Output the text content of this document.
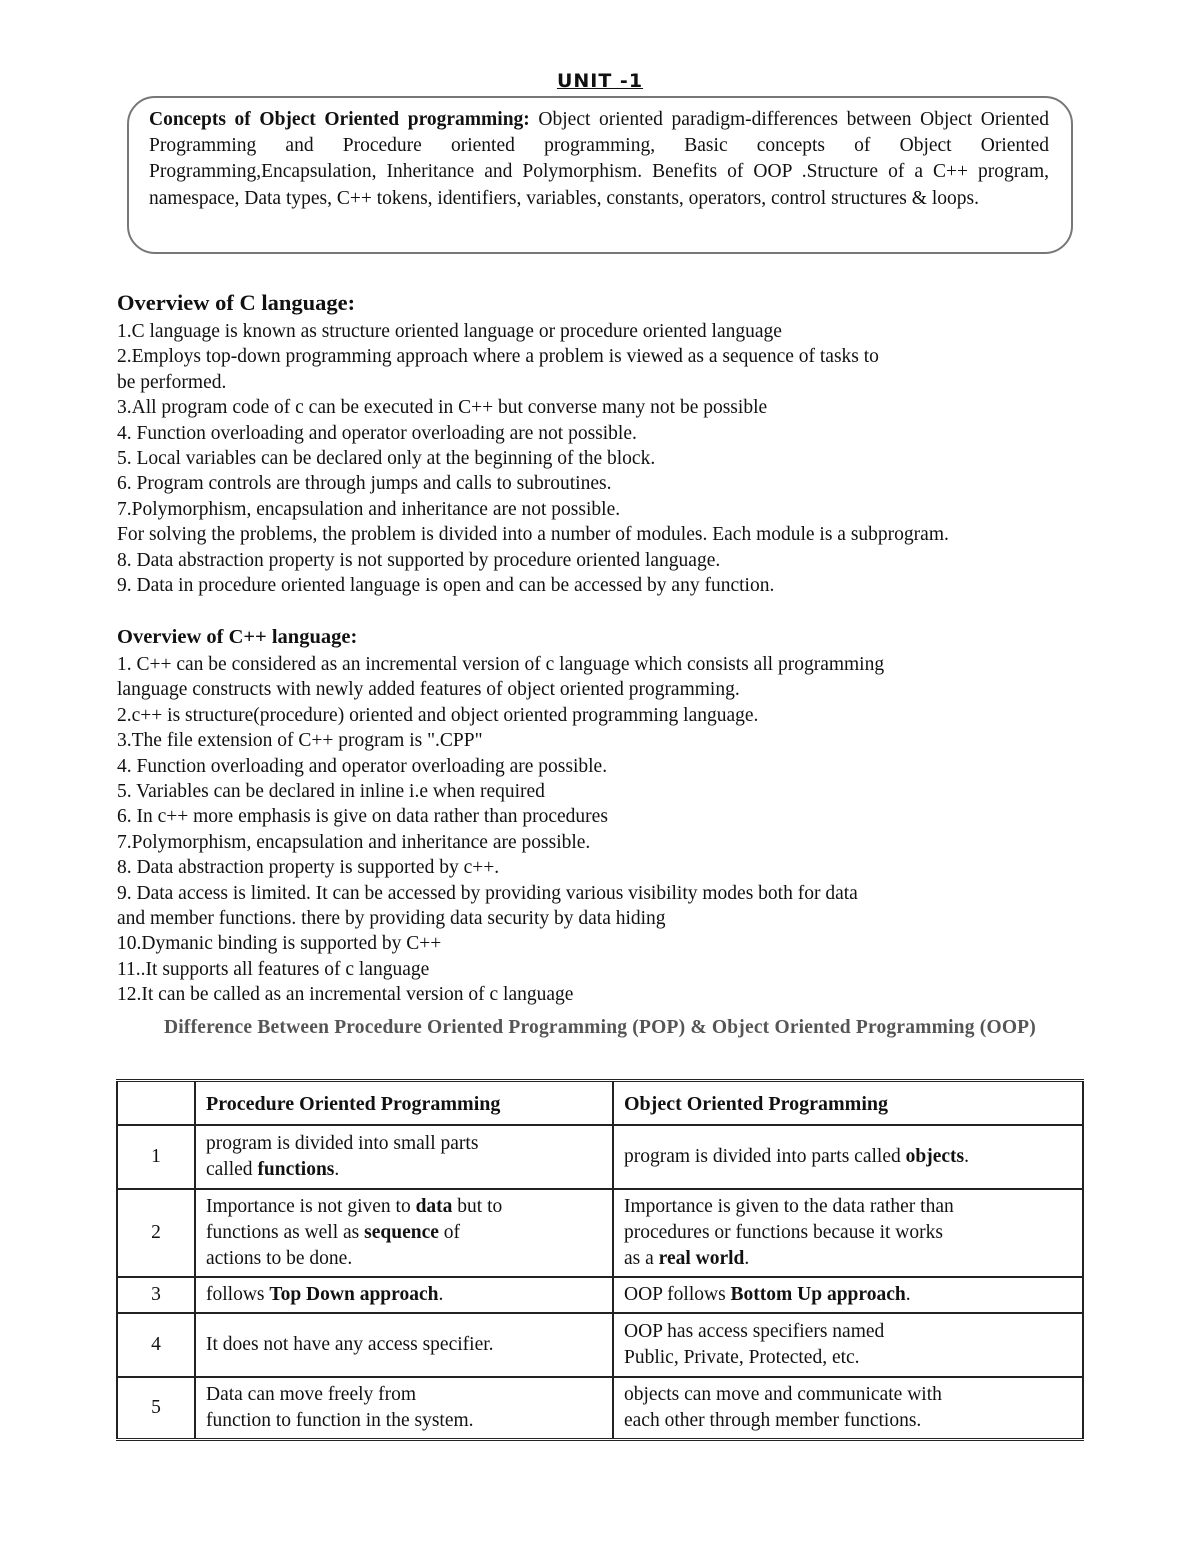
UNIT -1

Concepts of Object Oriented programming: Object oriented paradigm-differences between Object Oriented Programming and Procedure oriented programming, Basic concepts of Object Oriented Programming,Encapsulation, Inheritance and Polymorphism. Benefits of OOP .Structure of a C++ program, namespace, Data types, C++ tokens, identifiers, variables, constants, operators, control structures & loops.

Overview of C language:

1.C language is known as structure oriented language or procedure oriented language
2.Employs top-down programming approach where a problem is viewed as a sequence of tasks to
be performed.
3.All program code of c can be executed in C++ but converse many not be possible
4. Function overloading and operator overloading are not possible.
5. Local variables can be declared only at the beginning of the block.
6. Program controls are through jumps and calls to subroutines.
7.Polymorphism, encapsulation and inheritance are not possible.
For solving the problems, the problem is divided into a number of modules. Each module is a subprogram.
8. Data abstraction property is not supported by procedure oriented language.
9. Data in procedure oriented language is open and can be accessed by any function.

Overview of C++ language:

1. C++ can be considered as an incremental version of c language which consists all programming
language constructs with newly added features of object oriented programming.
2.c++ is structure(procedure) oriented and object oriented programming language.
3.The file extension of C++ program is ".CPP"
4. Function overloading and operator overloading are possible.
5. Variables can be declared in inline i.e when required
6. In c++ more emphasis is give on data rather than procedures
7.Polymorphism, encapsulation and inheritance are possible.
8. Data abstraction property is supported by c++.
9. Data access is limited. It can be accessed by providing various visibility modes both for data
and member functions. there by providing data security by data hiding
10.Dymanic binding is supported by C++
11..It supports all features of c language
12.It can be called as an incremental version of c language
Difference Between Procedure Oriented Programming (POP) & Object Oriented Programming (OOP)
	Procedure Oriented Programming	Object Oriented Programming
1	program is divided into small parts
called functions.	program is divided into parts called objects.
2	Importance is not given to data but to
functions as well as sequence of
actions to be done.	Importance is given to the data rather than
procedures or functions because it works
as a real world.
3	follows Top Down approach.	OOP follows Bottom Up approach.
4	It does not have any access specifier.	OOP has access specifiers named
Public, Private, Protected, etc.
5	Data can move freely from
function to function in the system.	objects can move and communicate with
each other through member functions.
